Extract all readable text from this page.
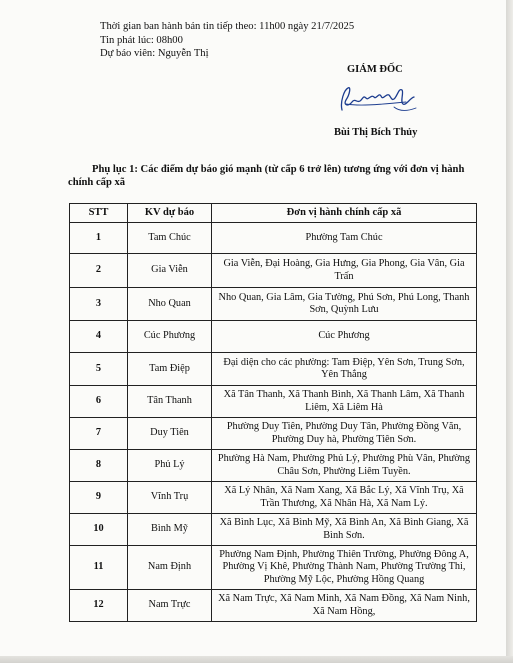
Thời gian ban hành bản tin tiếp theo: 11h00 ngày 21/7/2025
Tin phát lúc: 08h00
Dự báo viên: Nguyễn Thị
GIÁM ĐỐC
Bùi Thị Bích Thủy
Phụ lục 1: Các điểm dự báo gió mạnh (từ cấp 6 trở lên) tương ứng với đơn vị hành chính cấp xã
STT	KV dự báo	Đơn vị hành chính cấp xã
1	Tam Chúc	Phường Tam Chúc
2	Gia Viễn	Gia Viễn, Đại Hoàng, Gia Hưng, Gia Phong, Gia Vân, Gia Trấn
3	Nho Quan	Nho Quan, Gia Lâm, Gia Tường, Phú Sơn, Phú Long, Thanh Sơn, Quỳnh Lưu
4	Cúc Phương	Cúc Phương
5	Tam Điệp	Đại diện cho các phường: Tam Điệp, Yên Sơn, Trung Sơn, Yên Thắng
6	Tân Thanh	Xã Tân Thanh, Xã Thanh Bình, Xã Thanh Lâm, Xã Thanh Liêm, Xã Liêm Hà
7	Duy Tiên	Phường Duy Tiên, Phường Duy Tân, Phường Đồng Văn, Phường Duy hà, Phường Tiên Sơn.
8	Phủ Lý	Phường Hà Nam, Phường Phủ Lý, Phường Phù Vân, Phường Châu Sơn, Phường Liêm Tuyền.
9	Vĩnh Trụ	Xã Lý Nhân, Xã Nam Xang, Xã Bắc Lý, Xã Vĩnh Trụ, Xã Trần Thương, Xã Nhân Hà, Xã Nam Lý.
10	Bình Mỹ	Xã Bình Lục, Xã Bình Mỹ, Xã Bình An, Xã Bình Giang, Xã Bình Sơn.
11	Nam Định	Phường Nam Định, Phường Thiên Trường, Phường Đông A, Phường Vị Khê, Phường Thành Nam, Phường Trường Thi, Phường Mỹ Lộc, Phường Hồng Quang
12	Nam Trực	Xã Nam Trực, Xã Nam Minh, Xã Nam Đồng, Xã Nam Ninh, Xã Nam Hồng,
